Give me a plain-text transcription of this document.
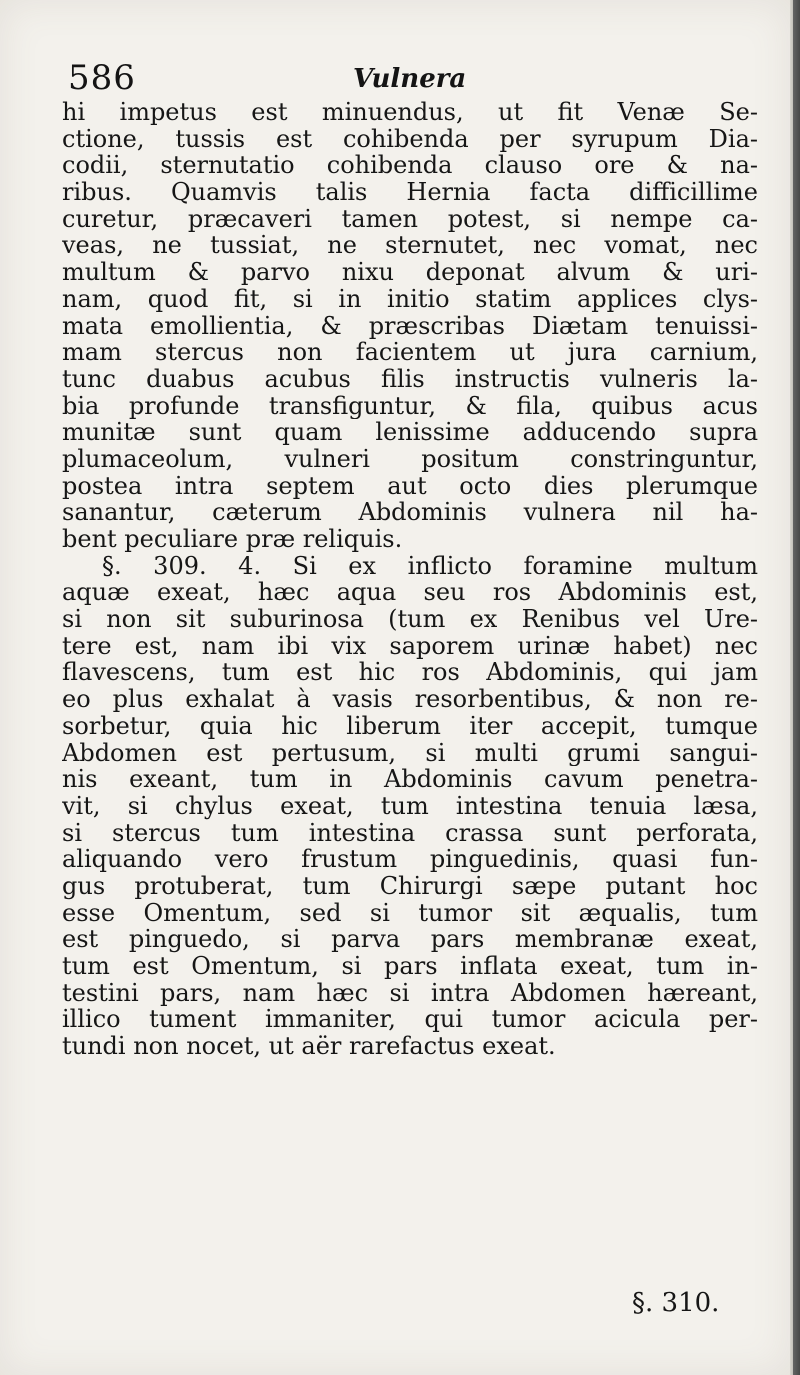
586	Vulnera
hi impetus est minuendus, ut fit Venæ Se-
ctione, tussis est cohibenda per syrupum Dia-
codii, sternutatio cohibenda clauso ore & na-
ribus. Quamvis talis Hernia facta difficillime
curetur, præcaveri tamen potest, si nempe ca-
veas, ne tussiat, ne sternutet, nec vomat, nec
multum & parvo nixu deponat alvum & uri-
nam, quod fit, si in initio statim applices clys-
mata emollientia, & præscribas Diætam tenuissi-
mam stercus non facientem ut jura carnium,
tunc duabus acubus filis instructis vulneris la-
bia profunde transfiguntur, & fila, quibus acus
munitæ sunt quam lenissime adducendo supra
plumaceolum, vulneri positum constringuntur,
postea intra septem aut octo dies plerumque
sanantur, cæterum Abdominis vulnera nil ha-
bent peculiare præ reliquis.
§. 309. 4. Si ex inflicto foramine multum
aquæ exeat, hæc aqua seu ros Abdominis est,
si non sit suburinosa (tum ex Renibus vel Ure-
tere est, nam ibi vix saporem urinæ habet) nec
flavescens, tum est hic ros Abdominis, qui jam
eo plus exhalat à vasis resorbentibus, & non re-
sorbetur, quia hic liberum iter accepit, tumque
Abdomen est pertusum, si multi grumi sangui-
nis exeant, tum in Abdominis cavum penetra-
vit, si chylus exeat, tum intestina tenuia læsa,
si stercus tum intestina crassa sunt perforata,
aliquando vero frustum pinguedinis, quasi fun-
gus protuberat, tum Chirurgi sæpe putant hoc
esse Omentum, sed si tumor sit æqualis, tum
est pinguedo, si parva pars membranæ exeat,
tum est Omentum, si pars inflata exeat, tum in-
testini pars, nam hæc si intra Abdomen hæreant,
illico tument immaniter, qui tumor acicula per-
tundi non nocet, ut aër rarefactus exeat.
§. 310.
